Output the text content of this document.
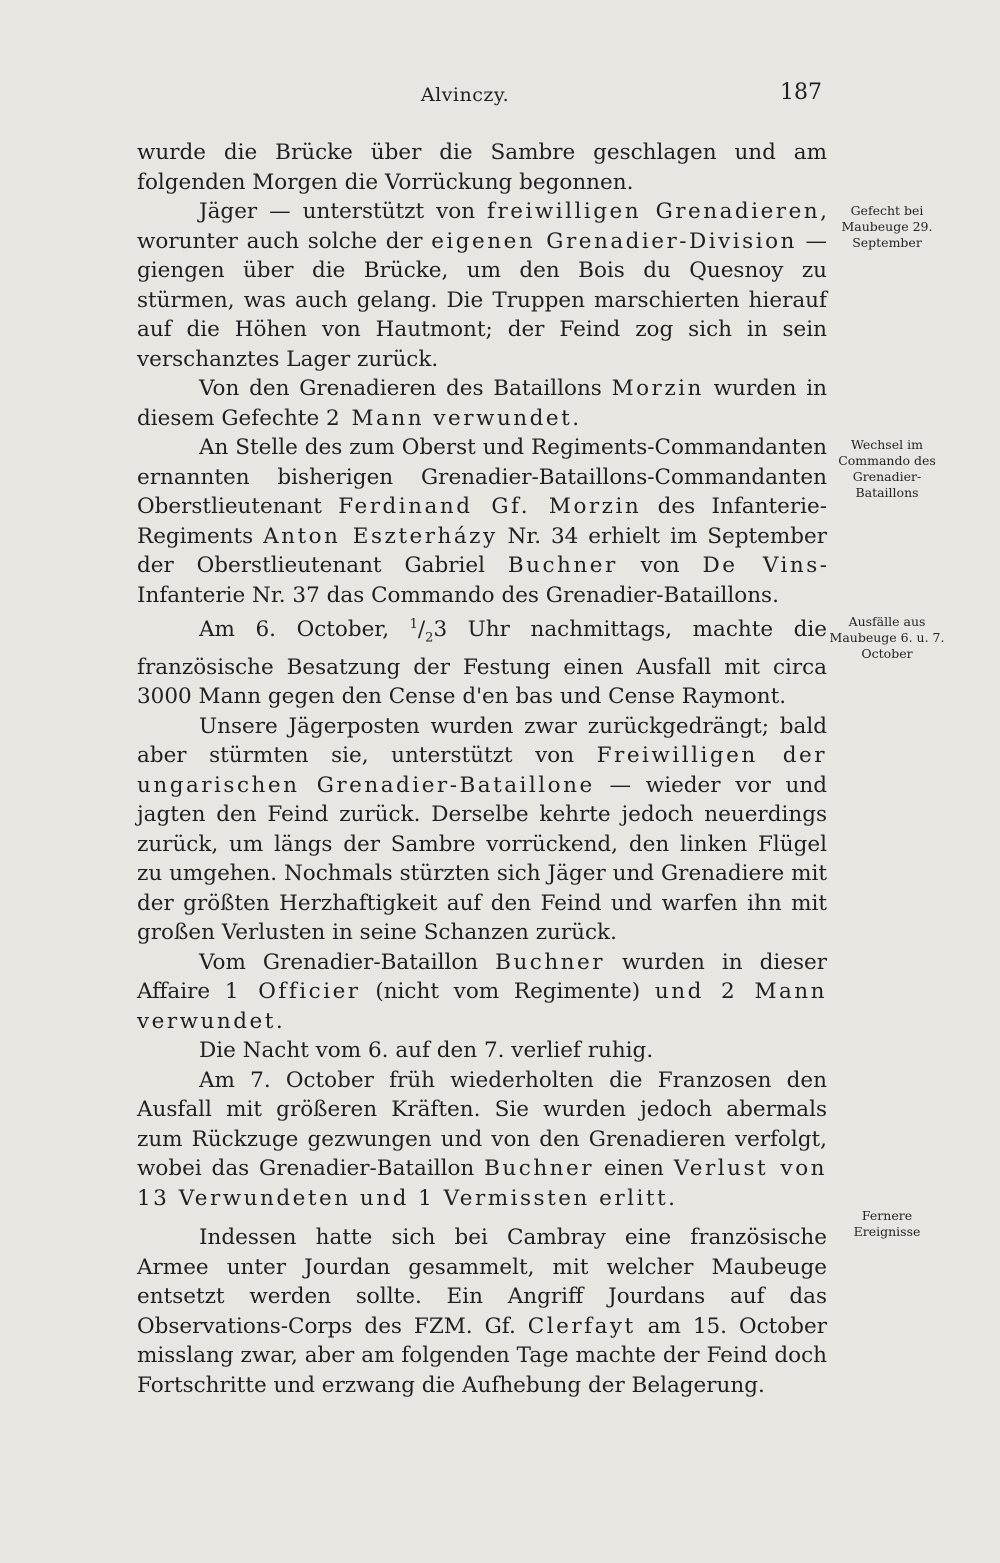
Alvinczy.	187

wurde die Brücke über die Sambre geschlagen und am folgenden Morgen die Vorrückung begonnen.

Jäger — unterstützt von freiwilligen Grenadieren, worunter auch solche der eigenen Grenadier-Division — giengen über die Brücke, um den Bois du Quesnoy zu stürmen, was auch gelang. Die Truppen marschierten hierauf auf die Höhen von Hautmont; der Feind zog sich in sein verschanztes Lager zurück.

Von den Grenadieren des Bataillons Morzin wurden in diesem Gefechte 2 Mann verwundet.

An Stelle des zum Oberst und Regiments-Commandanten ernannten bisherigen Grenadier-Bataillons-Commandanten Oberstlieutenant Ferdinand Gf. Morzin des Infanterie-Regiments Anton Eszterházy Nr. 34 erhielt im September der Oberstlieutenant Gabriel Buchner von De Vins-Infanterie Nr. 37 das Commando des Grenadier-Bataillons.

Am 6. October, $^1/_23$ Uhr nachmittags, machte die französische Besatzung der Festung einen Ausfall mit circa 3000 Mann gegen den Cense d'en bas und Cense Raymont.

Unsere Jägerposten wurden zwar zurückgedrängt; bald aber stürmten sie, unterstützt von Freiwilligen der ungarischen Grenadier-Bataillone — wieder vor und jagten den Feind zurück. Derselbe kehrte jedoch neuerdings zurück, um längs der Sambre vorrückend, den linken Flügel zu umgehen. Nochmals stürzten sich Jäger und Grenadiere mit der größten Herzhaftigkeit auf den Feind und warfen ihn mit großen Verlusten in seine Schanzen zurück.

Vom Grenadier-Bataillon Buchner wurden in dieser Affaire 1 Officier (nicht vom Regimente) und 2 Mann verwundet.

Die Nacht vom 6. auf den 7. verlief ruhig.

Am 7. October früh wiederholten die Franzosen den Ausfall mit größeren Kräften. Sie wurden jedoch abermals zum Rückzuge gezwungen und von den Grenadieren verfolgt, wobei das Grenadier-Bataillon Buchner einen Verlust von 13 Verwundeten und 1 Vermissten erlitt.

Indessen hatte sich bei Cambray eine französische Armee unter Jourdan gesammelt, mit welcher Maubeuge entsetzt werden sollte. Ein Angriff Jourdans auf das Observations-Corps des FZM. Gf. Clerfayt am 15. October misslang zwar, aber am folgenden Tage machte der Feind doch Fortschritte und erzwang die Aufhebung der Belagerung.

Gefecht bei Maubeuge 29. September
Wechsel im Commando des Grenadier-Bataillons
Ausfälle aus Maubeuge 6. u. 7. October
Fernere Ereignisse
